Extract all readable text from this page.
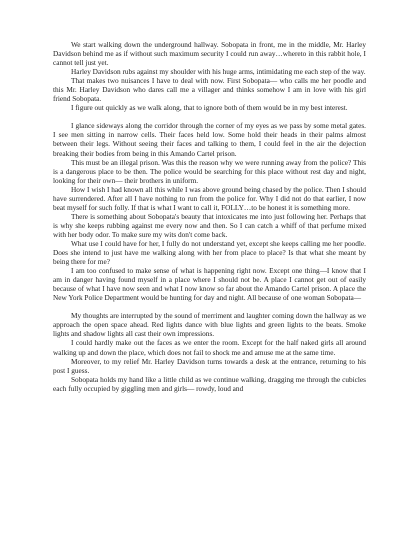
We start walking down the underground hallway. Sobopata in front, me in the middle, Mr. Harley Davidson behind me as if without such maximum security I could run away…whereto in this rabbit hole, I cannot tell just yet.

Harley Davidson rubs against my shoulder with his huge arms, intimidating me each step of the way.

That makes two nuisances I have to deal with now. First Sobopata— who calls me her poodle and this Mr. Harley Davidson who dares call me a villager and thinks somehow I am in love with his girl friend Sobopata.

I figure out quickly as we walk along, that to ignore both of them would be in my best interest.

I glance sideways along the corridor through the corner of my eyes as we pass by some metal gates. I see men sitting in narrow cells. Their faces held low. Some hold their heads in their palms almost between their legs. Without seeing their faces and talking to them, I could feel in the air the dejection breaking their bodies from being in this Amando Cartel prison.

This must be an illegal prison. Was this the reason why we were running away from the police? This is a dangerous place to be then. The police would be searching for this place without rest day and night, looking for their own— their brothers in uniform.

How I wish I had known all this while I was above ground being chased by the police. Then I should have surrendered. After all I have nothing to run from the police for. Why I did not do that earlier, I now beat myself for such folly. If that is what I want to call it, FOLLY…to be honest it is something more.

There is something about Sobopata's beauty that intoxicates me into just following her. Perhaps that is why she keeps rubbing against me every now and then. So I can catch a whiff of that perfume mixed with her body odor. To make sure my wits don't come back.

What use I could have for her, I fully do not understand yet, except she keeps calling me her poodle. Does she intend to just have me walking along with her from place to place? Is that what she meant by being there for me?

I am too confused to make sense of what is happening right now. Except one thing—I know that I am in danger having found myself in a place where I should not be. A place I cannot get out of easily because of what I have now seen and what I now know so far about the Amando Cartel prison. A place the New York Police Department would be hunting for day and night. All because of one woman Sobopata—

My thoughts are interrupted by the sound of merriment and laughter coming down the hallway as we approach the open space ahead. Red lights dance with blue lights and green lights to the beats. Smoke lights and shadow lights all cast their own impressions.

I could hardly make out the faces as we enter the room. Except for the half naked girls all around walking up and down the place, which does not fail to shock me and amuse me at the same time.

Moreover, to my relief Mr. Harley Davidson turns towards a desk at the entrance, returning to his post I guess.

Sobopata holds my hand like a little child as we continue walking, dragging me through the cubicles each fully occupied by giggling men and girls— rowdy, loud and
